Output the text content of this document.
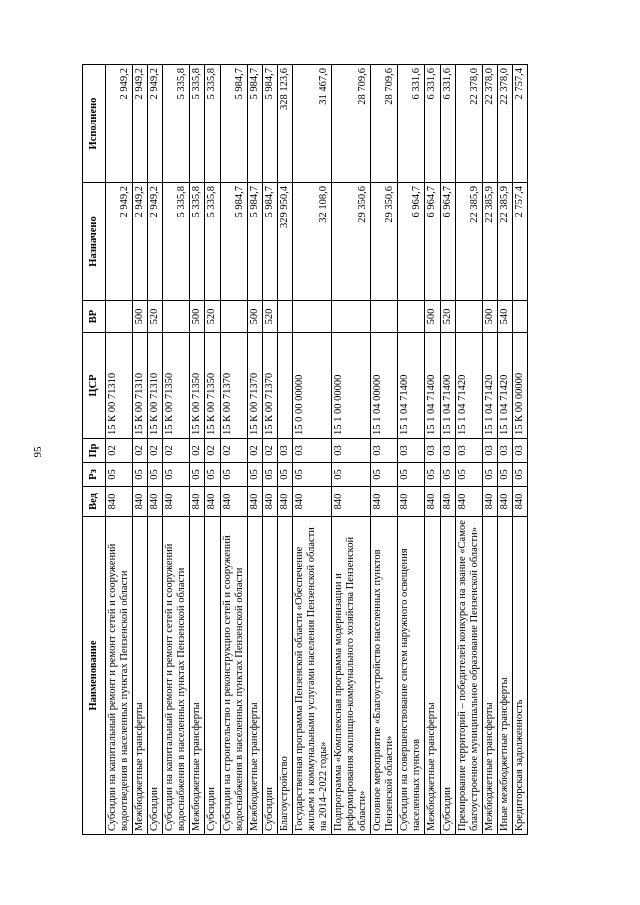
95
Наименование	Вед	Рз	Пр	ЦСР	ВР	Назначено	Исполнено
Субсидии на капитальный ремонт и ремонт сетей и сооружений водоотведения в населенных пунктах Пензенской области	840	05	02	15 К 00 71310		2 949,2	2 949,2
Межбюджетные трансферты	840	05	02	15 К 00 71310	500	2 949,2	2 949,2
Субсидии	840	05	02	15 К 00 71310	520	2 949,2	2 949,2
Субсидии на капитальный ремонт и ремонт сетей и сооружений водоснабжения в населенных пунктах Пензенской области	840	05	02	15 К 00 71350		5 335,8	5 335,8
Межбюджетные трансферты	840	05	02	15 К 00 71350	500	5 335,8	5 335,8
Субсидии	840	05	02	15 К 00 71350	520	5 335,8	5 335,8
Субсидии на строительство и реконструкцию сетей и сооружений водоснабжения в населенных пунктах Пензенской области	840	05	02	15 К 00 71370		5 984,7	5 984,7
Межбюджетные трансферты	840	05	02	15 К 00 71370	500	5 984,7	5 984,7
Субсидии	840	05	02	15 К 00 71370	520	5 984,7	5 984,7
Благоустройство	840	05	03			329 950,4	328 123,6
Государственная программа Пензенской области «Обеспечение жильем и коммунальными услугами населения Пензенской области на 2014–2022 годы»	840	05	03	15 0 00 00000		32 108,0	31 467,0
Подпрограмма «Комплексная программа модернизации и реформирования жилищно-коммунального хозяйства Пензенской области»	840	05	03	15 1 00 00000		29 350,6	28 709,6
Основное мероприятие «Благоустройство населенных пунктов Пензенской области»	840	05	03	15 1 04 00000		29 350,6	28 709,6
Субсидии на совершенствование систем наружного освещения населенных пунктов	840	05	03	15 1 04 71400		6 964,7	6 331,6
Межбюджетные трансферты	840	05	03	15 1 04 71400	500	6 964,7	6 331,6
Субсидии	840	05	03	15 1 04 71400	520	6 964,7	6 331,6
Премирование территорий – победителей конкурса на звание «Самое благоустроенное муниципальное образование Пензенской области»	840	05	03	15 1 04 71420		22 385,9	22 378,0
Межбюджетные трансферты	840	05	03	15 1 04 71420	500	22 385,9	22 378,0
Иные межбюджетные трансферты	840	05	03	15 1 04 71420	540	22 385,9	22 378,0
Кредиторская задолженность	840	05	03	15 К 00 00000		2 757,4	2 757,4
